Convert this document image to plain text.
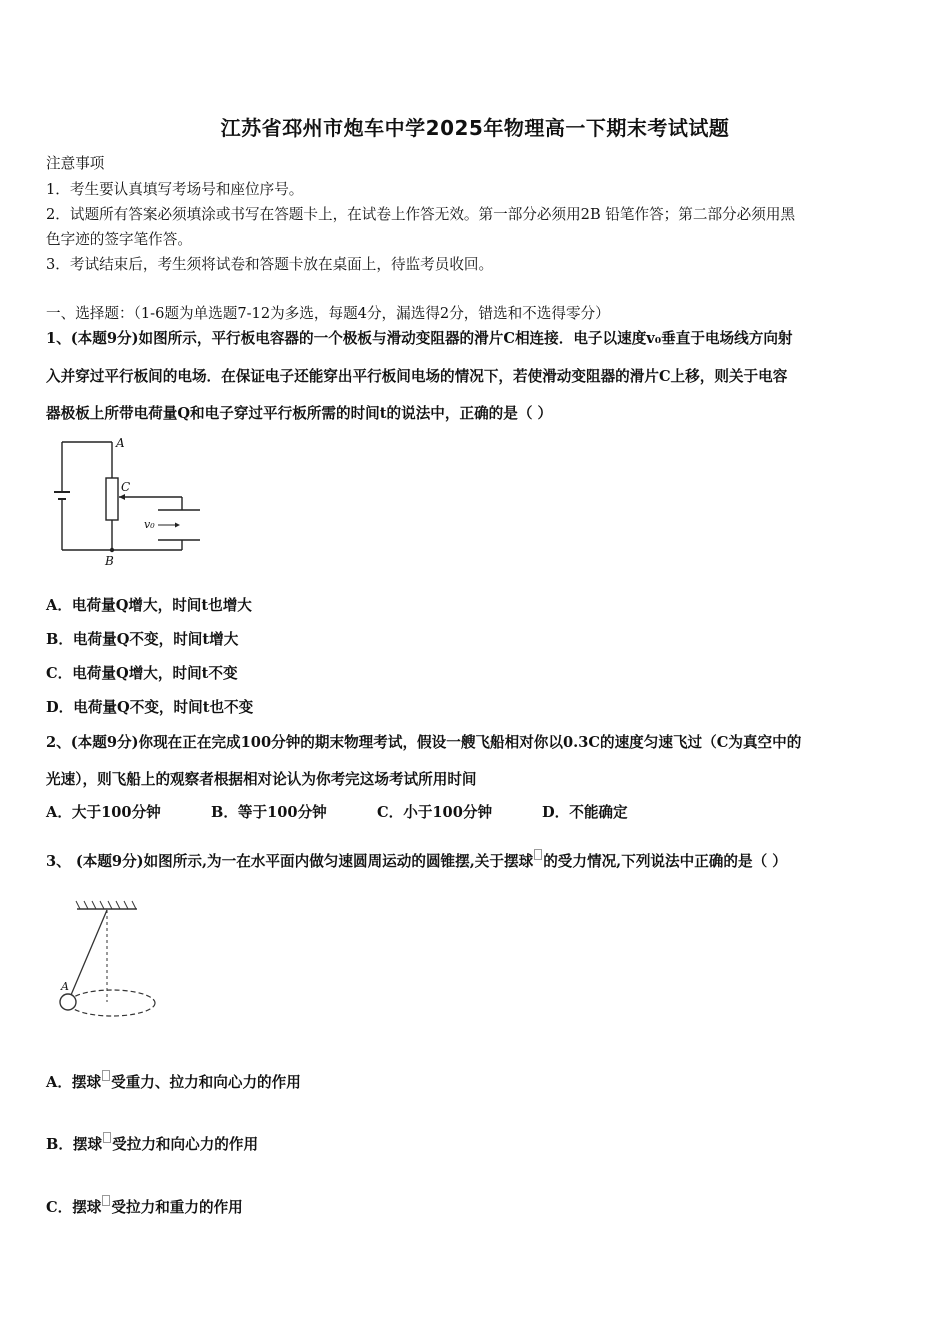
江苏省邳州市炮车中学2025年物理高一下期末考试试题
注意事项
1．考生要认真填写考场号和座位序号。
2．试题所有答案必须填涂或书写在答题卡上，在试卷上作答无效。第一部分必须用2B 铅笔作答；第二部分必须用黑
色字迹的签字笔作答。
3．考试结束后，考生须将试卷和答题卡放在桌面上，待监考员收回。
一、选择题：（1-6题为单选题7-12为多选，每题4分，漏选得2分，错选和不选得零分）
1、(本题9分)如图所示，平行板电容器的一个极板与滑动变阻器的滑片C相连接．电子以速度v₀垂直于电场线方向射
入并穿过平行板间的电场．在保证电子还能穿出平行板间电场的情况下，若使滑动变阻器的滑片C上移，则关于电容
器极板上所带电荷量Q和电子穿过平行板所需的时间t的说法中，正确的是（ ）
A
C
B
v₀
A．电荷量Q增大，时间t也增大
B．电荷量Q不变，时间t增大
C．电荷量Q增大，时间t不变
D．电荷量Q不变，时间t也不变
2、(本题9分)你现在正在完成100分钟的期末物理考试，假设一艘飞船相对你以0.3C的速度匀速飞过（C为真空中的
光速），则飞船上的观察者根据相对论认为你考完这场考试所用时间
A．大于100分钟	B．等于100分钟	C．小于100分钟	D．不能确定
3、 (本题9分)如图所示,为一在水平面内做匀速圆周运动的圆锥摆,关于摆球 的受力情况,下列说法中正确的是（ ）
A
A．摆球 受重力、拉力和向心力的作用
B．摆球 受拉力和向心力的作用
C．摆球 受拉力和重力的作用
